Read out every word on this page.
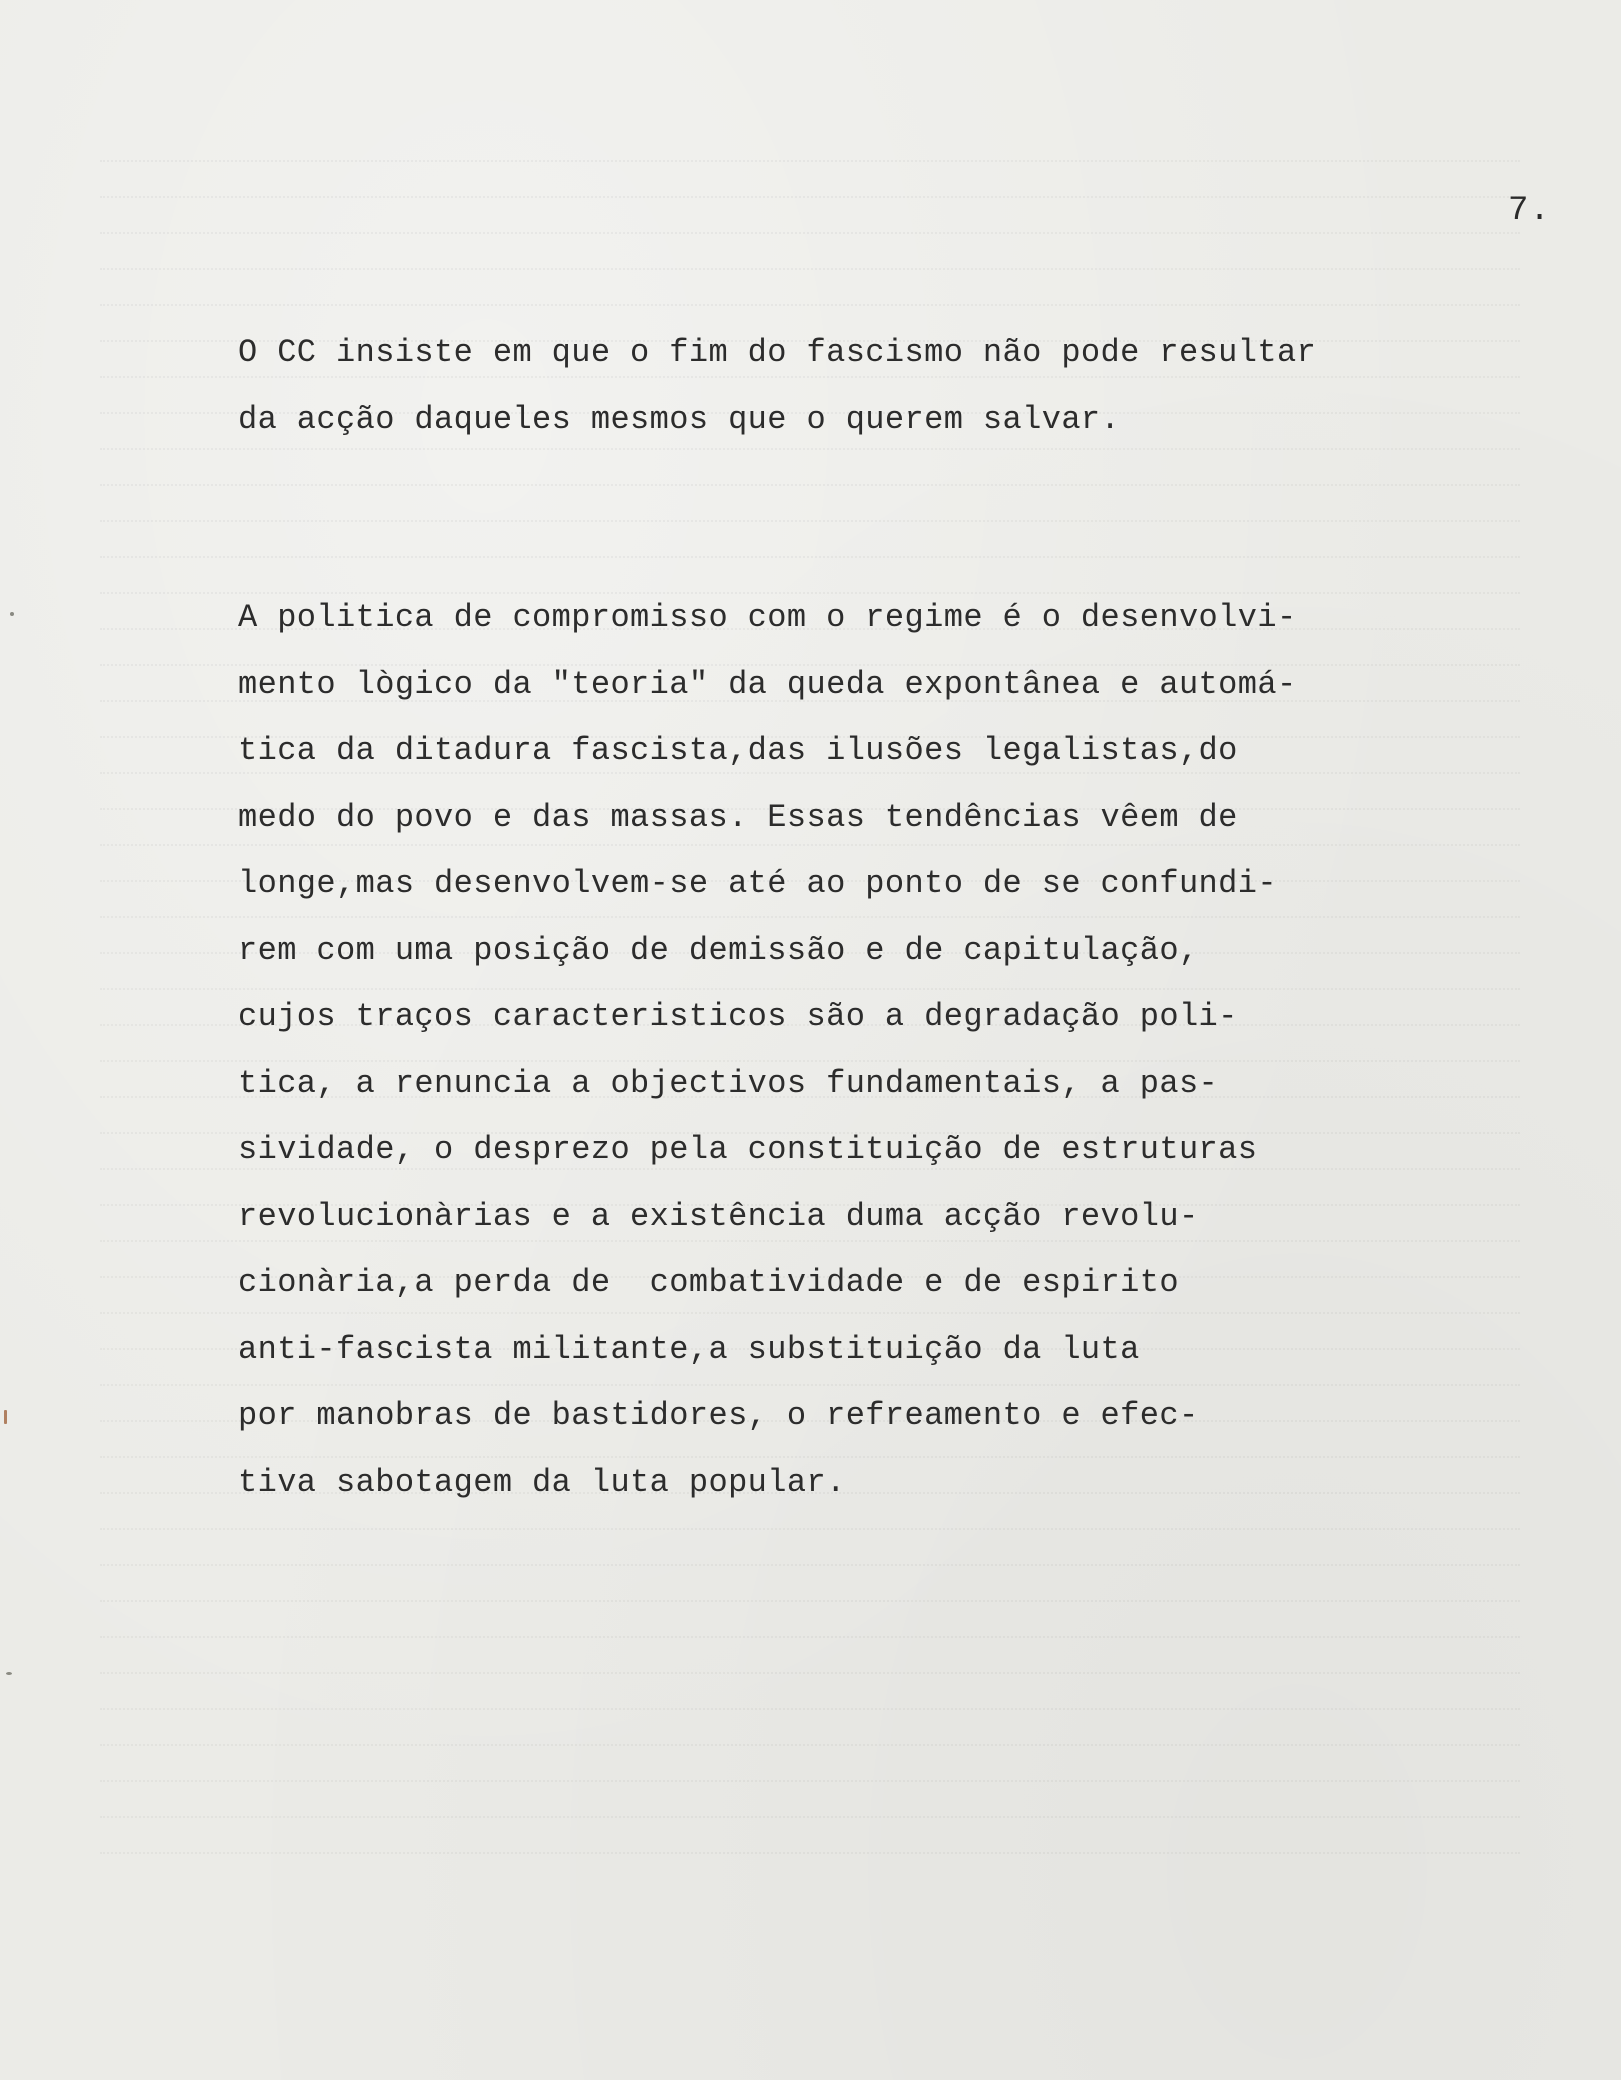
7.
O CC insiste em que o fim do fascismo não pode resultar
da acção daqueles mesmos que o querem salvar.
A politica de compromisso com o regime é o desenvolvi-
mento lògico da "teoria" da queda expontânea e automá-
tica da ditadura fascista,das ilusões legalistas,do
medo do povo e das massas. Essas tendências vêem de
longe,mas desenvolvem-se até ao ponto de se confundi-
rem com uma posição de demissão e de capitulação,
cujos traços caracteristicos são a degradação poli-
tica, a renuncia a objectivos fundamentais, a pas-
sividade, o desprezo pela constituição de estruturas
revolucionàrias e a existência duma acção revolu-
cionària,a perda de  combatividade e de espirito
anti-fascista militante,a substituição da luta
por manobras de bastidores, o refreamento e efec-
tiva sabotagem da luta popular.
